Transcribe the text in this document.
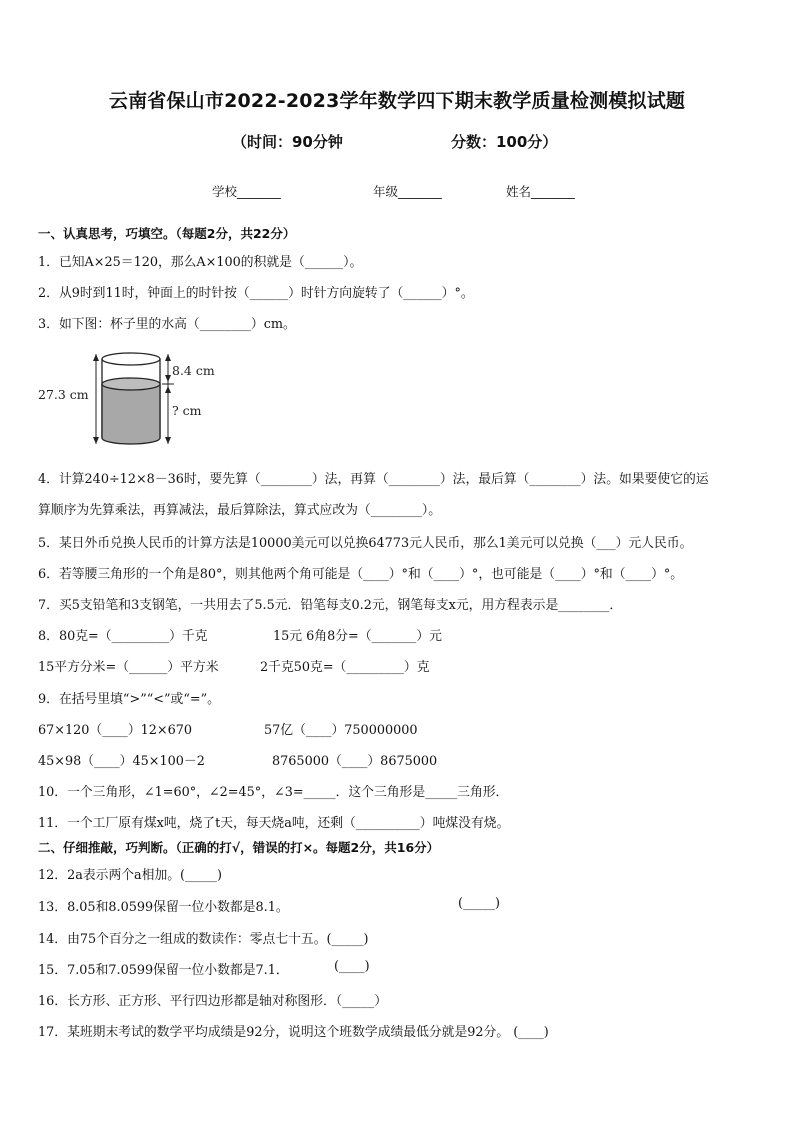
云南省保山市2022-2023学年数学四下期末教学质量检测模拟试题
（时间：90分钟	分数：100分）
学校_______	年级_______	姓名_______
一、认真思考，巧填空。（每题2分，共22分）
1．已知A×25＝120，那么A×100的积就是（______）。
2．从9时到11时，钟面上的时针按（______）时针方向旋转了（______）°。
3．如下图：杯子里的水高（________）cm。
27.3 cm
8.4 cm
? cm
4．计算240÷12×8－36时，要先算（________）法，再算（________）法，最后算（________）法。如果要使它的运
算顺序为先算乘法，再算减法，最后算除法，算式应改为（________）。
5．某日外币兑换人民币的计算方法是10000美元可以兑换64773元人民币，那么1美元可以兑换（___）元人民币。
6．若等腰三角形的一个角是80°，则其他两个角可能是（____）°和（____）°，也可能是（____）°和（____）°。
7．买5支铅笔和3支钢笔，一共用去了5.5元．铅笔每支0.2元，钢笔每支x元，用方程表示是________．
8．80克=（_________）千克	15元 6角8分=（_______）元
15平方分米=（______）平方米	2千克50克=（_________）克
9．在括号里填“>”“<”或“=”。
67×120（____）12×670	57亿（____）750000000
45×98（____）45×100－2	8765000（____）8675000
10．一个三角形，∠1=60°，∠2=45°，∠3=_____．这个三角形是_____三角形．
11．一个工厂原有煤x吨，烧了t天，每天烧a吨，还剩（__________）吨煤没有烧。
二、仔细推敲，巧判断。（正确的打√，错误的打×。每题2分，共16分）
12．2a表示两个a相加。(_____)
13．8.05和8.0599保留一位小数都是8.1。	(_____)
14．由75个百分之一组成的数读作：零点七十五。(_____)
15．7.05和7.0599保留一位小数都是7.1．	(____)
16．长方形、正方形、平行四边形都是轴对称图形．（_____）
17．某班期末考试的数学平均成绩是92分，说明这个班数学成绩最低分就是92分。 (____)
